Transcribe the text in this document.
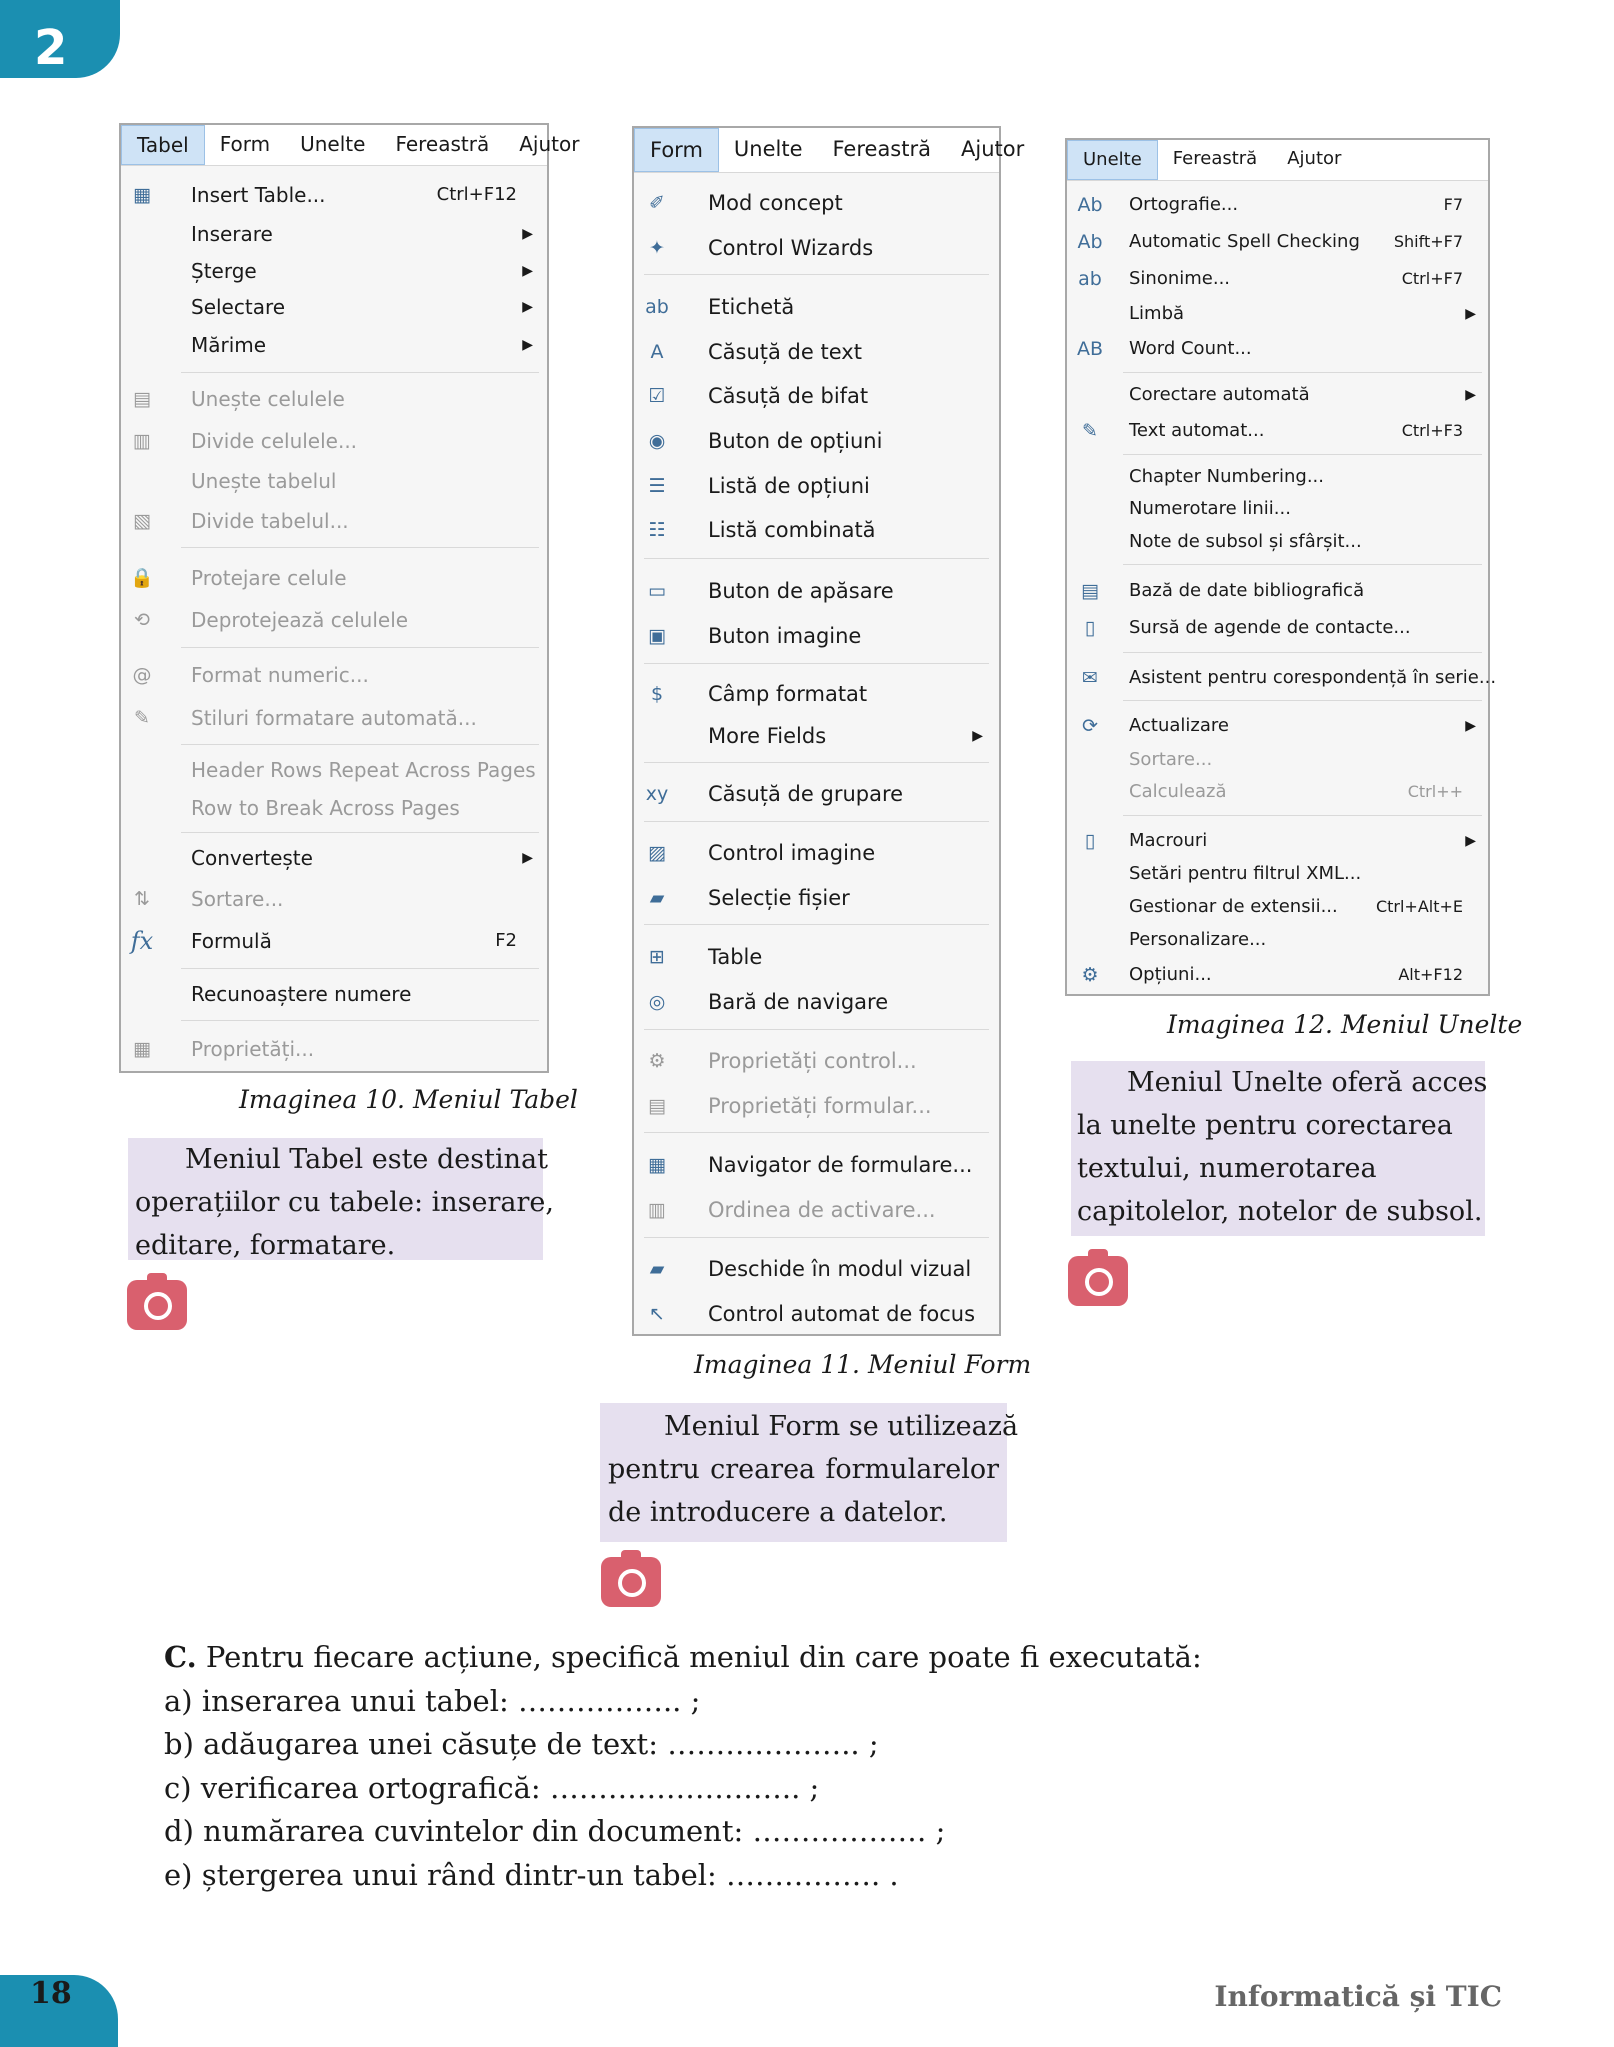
2
Tabel	Form	Unelte	Fereastră	Ajutor
▦ Insert Table...	Ctrl+F12
Inserare	▶
Șterge	▶
Selectare	▶
Mărime	▶
▤ Unește celulele
▥ Divide celulele...
Unește tabelul
▧ Divide tabelul...
🔒 Protejare celule
⟲ Deprotejează celulele
@ Format numeric...
✎ Stiluri formatare automată...
Header Rows Repeat Across Pages
Row to Break Across Pages
Convertește	▶
⇅ Sortare...
fx Formulă	F2
Recunoaștere numere
▦ Proprietăți...
Form	Unelte	Fereastră	Ajutor
✐ Mod concept
✦ Control Wizards
ab Etichetă
A	Căsuță de text
☑ Căsuță de bifat
◉ Buton de opțiuni
☰ Listă de opțiuni
☷ Listă combinată
▭ Buton de apăsare
▣ Buton imagine
$	Câmp formatat
More Fields	▶
xy Căsuță de grupare
▨ Control imagine
▰ Selecție fișier
⊞ Table
◎ Bară de navigare
⚙ Proprietăți control...
▤ Proprietăți formular...
▦ Navigator de formulare...
▥ Ordinea de activare...
▰ Deschide în modul vizual
↖ Control automat de focus
Unelte	Fereastră	Ajutor
Ab Ortografie...	F7
Ab Automatic Spell Checking Shift+F7
ab Sinonime...	Ctrl+F7
Limbă	▶
AB Word Count...
Corectare automată	▶
✎ Text automat...	Ctrl+F3
Chapter Numbering...
Numerotare linii...
Note de subsol și sfârșit...
▤ Bază de date bibliografică
▯	Sursă de agende de contacte...
✉ Asistent pentru corespondență în serie...
⟳ Actualizare	▶
Sortare...
Calculează	Ctrl++
▯	Macrouri	▶
Setări pentru filtrul XML...
Gestionar de extensii... Ctrl+Alt+E
Personalizare...
⚙ Opțiuni...	Alt+F12
Imaginea 10. Meniul Tabel
Imaginea 11. Meniul Form
Imaginea 12. Meniul Unelte
Meniul Tabel este destinat
operațiilor cu tabele: inserare,
editare, formatare.
Meniul Form se utilizează
pentru crearea formularelor
de introducere a datelor.
Meniul Unelte oferă acces
la unelte pentru corectarea
textului, numerotarea
capitolelor, notelor de subsol.
C. Pentru fiecare acțiune, specifică meniul din care poate fi executată:
a) inserarea unui tabel: …………….. ;
b) adăugarea unei căsuțe de text: ……………….. ;
c) verificarea ortografică: …………………….. ;
d) numărarea cuvintelor din document: ……………… ;
e) ștergerea unui rând dintr-un tabel: ……………. .
18	Informatică și TIC
